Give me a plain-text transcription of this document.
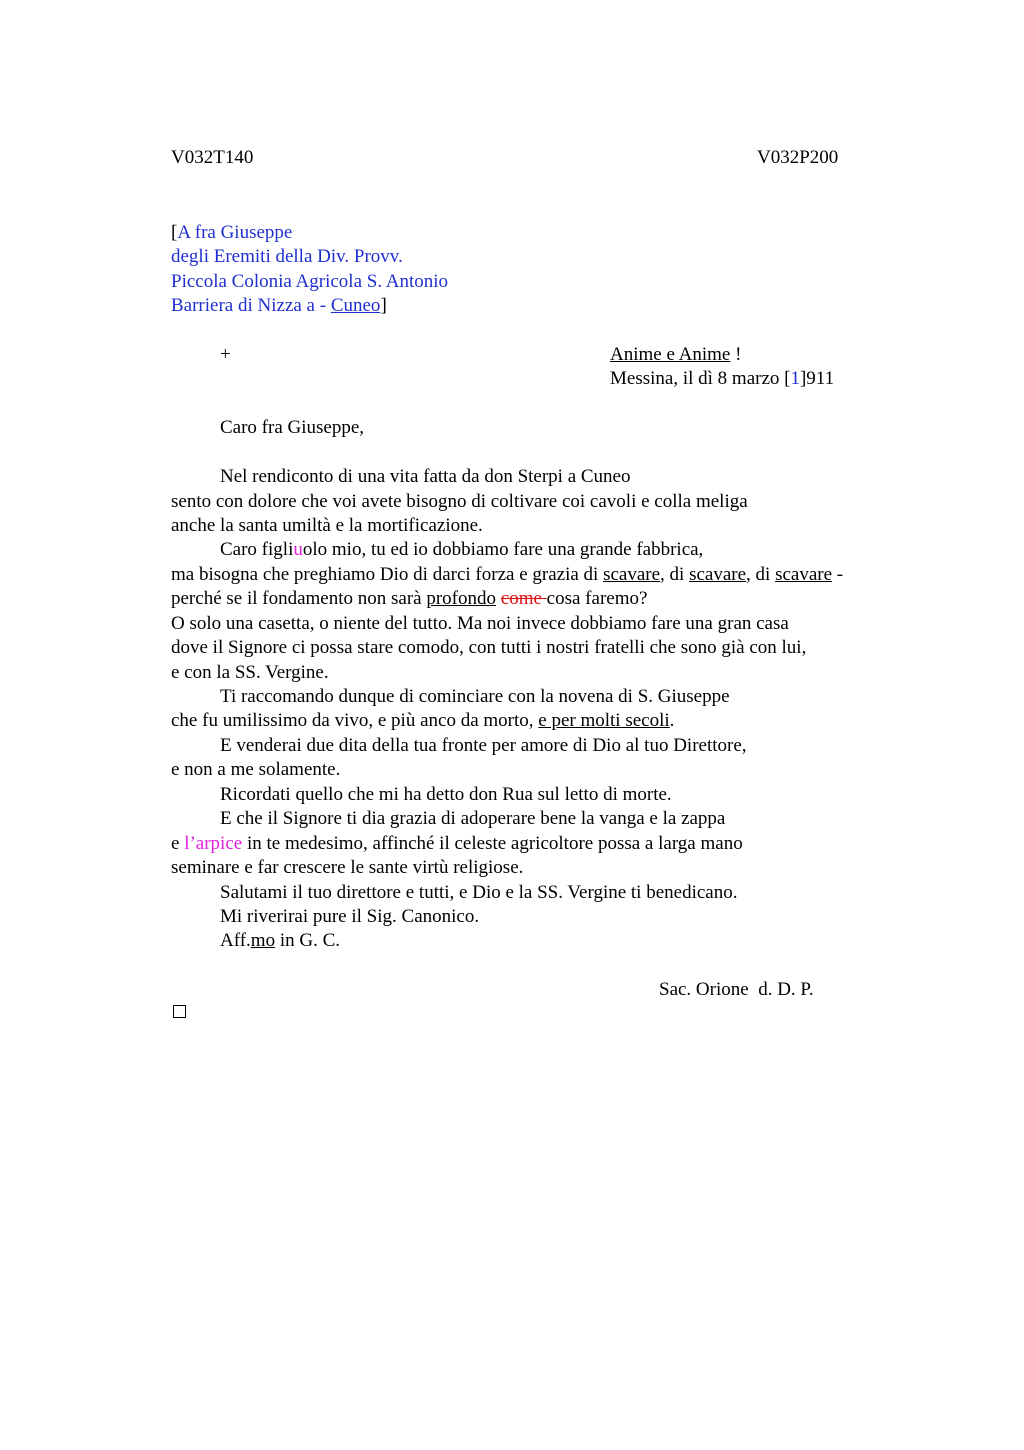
V032T140	V032P200
[A fra Giuseppe
degli Eremiti della Div. Provv.
Piccola Colonia Agricola S. Antonio
Barriera di Nizza a - Cuneo]
+	Anime e Anime !
Messina, il dì 8 marzo [1]911
Caro fra Giuseppe,
Nel rendiconto di una vita fatta da don Sterpi a Cuneo
sento con dolore che voi avete bisogno di coltivare coi cavoli e colla meliga
anche la santa umiltà e la mortificazione.
Caro figliuolo mio, tu ed io dobbiamo fare una grande fabbrica,
ma bisogna che preghiamo Dio di darci forza e grazia di scavare, di scavare, di scavare -
perché se il fondamento non sarà profondo come cosa faremo?
O solo una casetta, o niente del tutto. Ma noi invece dobbiamo fare una gran casa
dove il Signore ci possa stare comodo, con tutti i nostri fratelli che sono già con lui,
e con la SS. Vergine.
Ti raccomando dunque di cominciare con la novena di S. Giuseppe
che fu umilissimo da vivo, e più anco da morto, e per molti secoli.
E venderai due dita della tua fronte per amore di Dio al tuo Direttore,
e non a me solamente.
Ricordati quello che mi ha detto don Rua sul letto di morte.
E che il Signore ti dia grazia di adoperare bene la vanga e la zappa
e l’arpice in te medesimo, affinché il celeste agricoltore possa a larga mano
seminare e far crescere le sante virtù religiose.
Salutami il tuo direttore e tutti, e Dio e la SS. Vergine ti benedicano.
Mi riverirai pure il Sig. Canonico.
Aff.mo in G. C.
Sac. Orione  d. D. P.
